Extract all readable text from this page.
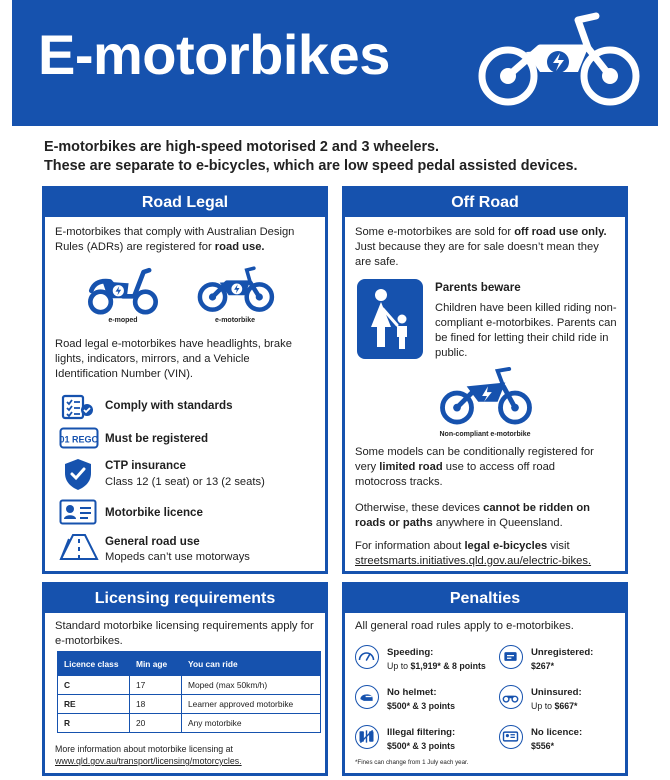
E-motorbikes
E-motorbikes are high-speed motorised 2 and 3 wheelers.
These are separate to e-bicycles, which are low speed pedal assisted devices.
Road Legal
E-motorbikes that comply with Australian Design Rules (ADRs) are registered for road use.
e-moped	e-motorbike
Road legal e-motorbikes have headlights, brake lights, indicators, mirrors, and a Vehicle Identification Number (VIN).
Comply with standards
01 REGO Must be registered
CTP insurance
Class 12 (1 seat) or 13 (2 seats)
Motorbike licence
General road use
Mopeds can’t use motorways
Off Road
Some e-motorbikes are sold for off road use only. Just because they are for sale doesn’t mean they are safe.
Parents beware
Children have been killed riding non-compliant e-motorbikes. Parents can be fined for letting their child ride in public.
Non-compliant e-motorbike
Some models can be conditionally registered for very limited road use to access off road motocross tracks.
Otherwise, these devices cannot be ridden on roads or paths anywhere in Queensland.
For information about legal e-bicycles visit
streetsmarts.initiatives.qld.gov.au/electric-bikes.
Licensing requirements
Standard motorbike licensing requirements apply for e-motorbikes.
Licence class	Min age	You can ride
C	17	Moped (max 50km/h)
RE	18	Learner approved motorbike
R	20	Any motorbike
More information about motorbike licensing at
www.qld.gov.au/transport/licensing/motorcycles.
Penalties
All general road rules apply to e-motorbikes.
Speeding:
Up to $1,919* & 8 points
Unregistered:
$267*
No helmet:
$500* & 3 points
Uninsured:
Up to $667*
Illegal filtering:
$500* & 3 points
No licence:
$556*
*Fines can change from 1 July each year.
